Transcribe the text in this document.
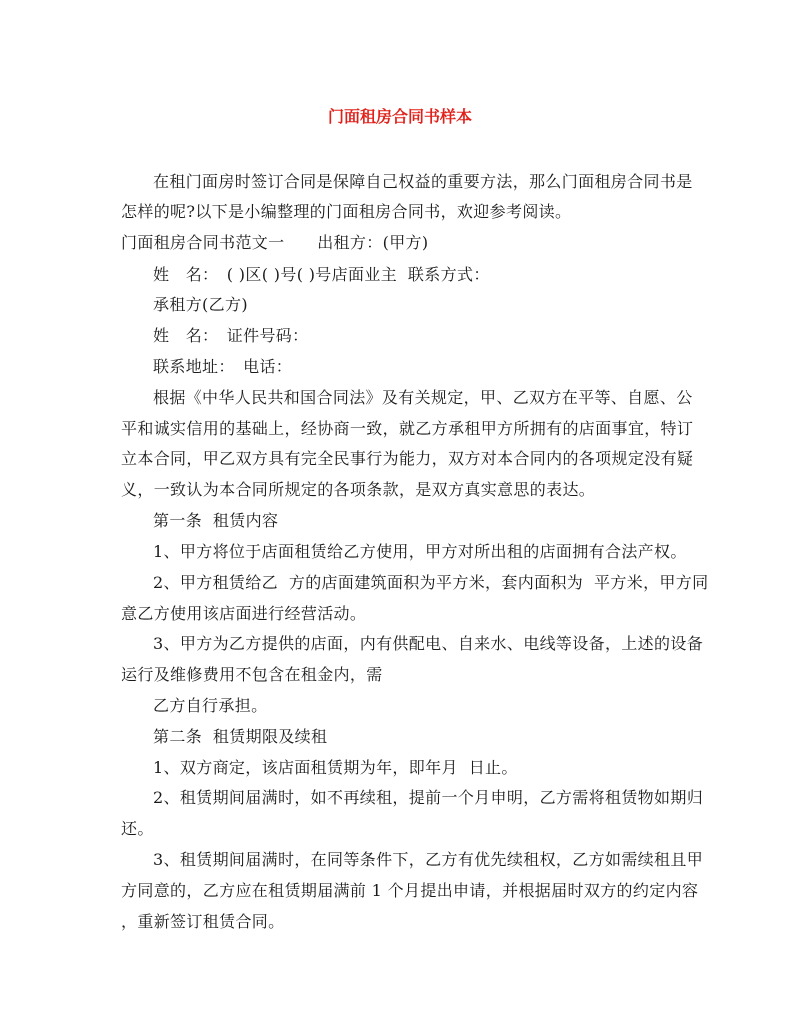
门面租房合同书样本
在租门面房时签订合同是保障自己权益的重要方法，那么门面租房合同书是
怎样的呢?以下是小编整理的门面租房合同书，欢迎参考阅读。
门面租房合同书范文一　　出租方：(甲方)
姓　名：　( )区( )号( )号店面业主  联系方式：
承租方(乙方)
姓　名：　证件号码：
联系地址：　电话：
根据《中华人民共和国合同法》及有关规定，甲、乙双方在平等、自愿、公
平和诚实信用的基础上，经协商一致，就乙方承租甲方所拥有的店面事宜，特订
立本合同，甲乙双方具有完全民事行为能力，双方对本合同内的各项规定没有疑
义，一致认为本合同所规定的各项条款，是双方真实意思的表达。
第一条  租赁内容
1、甲方将位于店面租赁给乙方使用，甲方对所出租的店面拥有合法产权。
2、甲方租赁给乙  方的店面建筑面积为平方米，套内面积为  平方米，甲方同
意乙方使用该店面进行经营活动。
3、甲方为乙方提供的店面，内有供配电、自来水、电线等设备，上述的设备
运行及维修费用不包含在租金内，需
乙方自行承担。
第二条  租赁期限及续租
1、双方商定，该店面租赁期为年，即年月  日止。
2、租赁期间届满时，如不再续租，提前一个月申明，乙方需将租赁物如期归
还。
3、租赁期间届满时，在同等条件下，乙方有优先续租权，乙方如需续租且甲
方同意的，乙方应在租赁期届满前 1 个月提出申请，并根据届时双方的约定内容
，重新签订租赁合同。
